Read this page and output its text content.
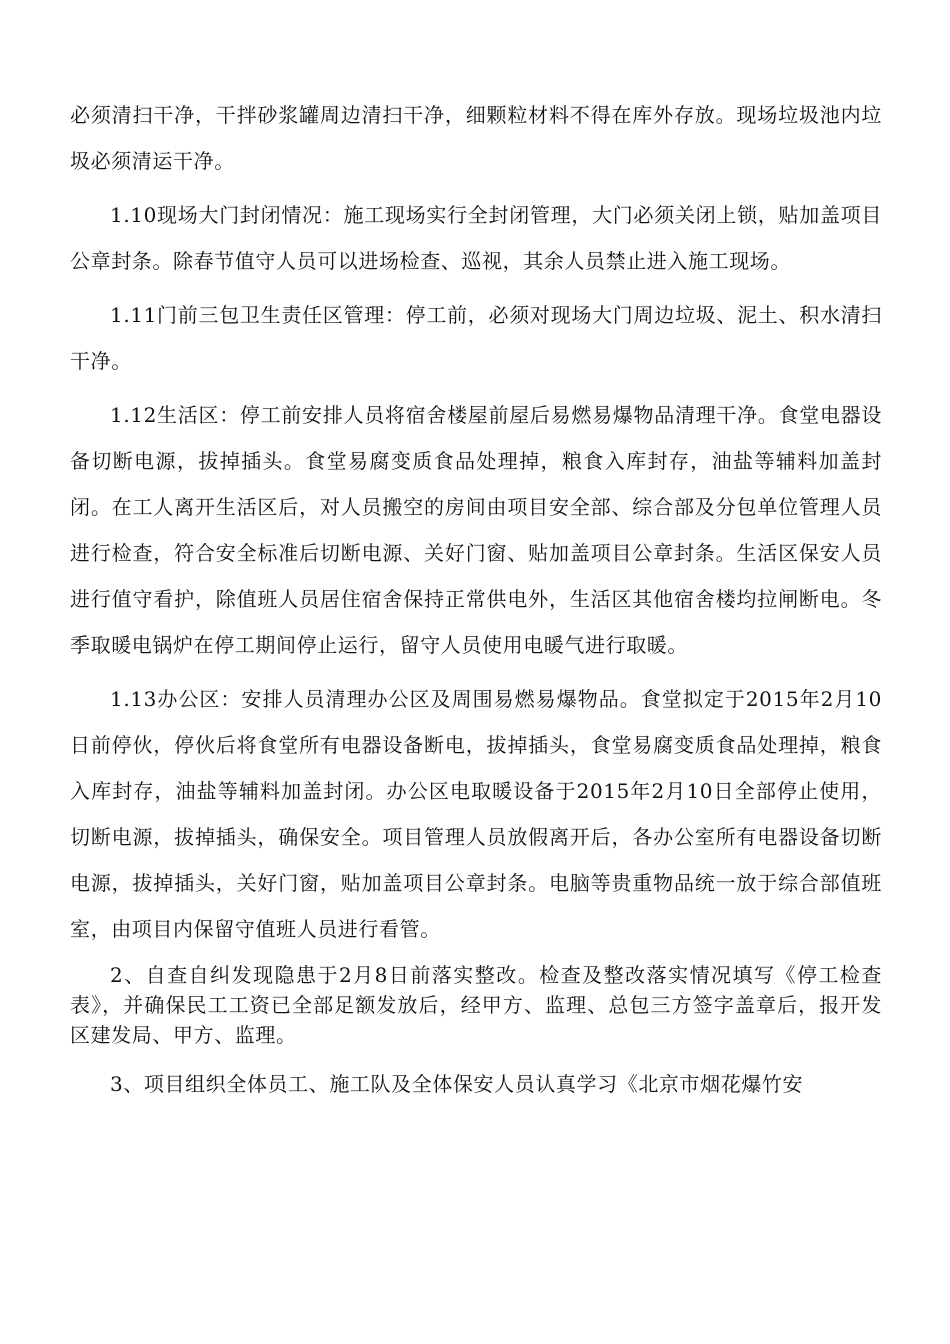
必须清扫干净，干拌砂浆罐周边清扫干净，细颗粒材料不得在库外存放。现场垃圾池内垃圾必须清运干净。

1.10现场大门封闭情况：施工现场实行全封闭管理，大门必须关闭上锁，贴加盖项目公章封条。除春节值守人员可以进场检查、巡视，其余人员禁止进入施工现场。

1.11门前三包卫生责任区管理：停工前，必须对现场大门周边垃圾、泥土、积水清扫干净。

1.12生活区：停工前安排人员将宿舍楼屋前屋后易燃易爆物品清理干净。食堂电器设备切断电源，拔掉插头。食堂易腐变质食品处理掉，粮食入库封存，油盐等辅料加盖封闭。在工人离开生活区后，对人员搬空的房间由项目安全部、综合部及分包单位管理人员进行检查，符合安全标准后切断电源、关好门窗、贴加盖项目公章封条。生活区保安人员进行值守看护，除值班人员居住宿舍保持正常供电外，生活区其他宿舍楼均拉闸断电。冬季取暖电锅炉在停工期间停止运行，留守人员使用电暖气进行取暖。

1.13办公区：安排人员清理办公区及周围易燃易爆物品。食堂拟定于2015年2月10日前停伙，停伙后将食堂所有电器设备断电，拔掉插头，食堂易腐变质食品处理掉，粮食入库封存，油盐等辅料加盖封闭。办公区电取暖设备于2015年2月10日全部停止使用，切断电源，拔掉插头，确保安全。项目管理人员放假离开后，各办公室所有电器设备切断电源，拔掉插头，关好门窗，贴加盖项目公章封条。电脑等贵重物品统一放于综合部值班室，由项目内保留守值班人员进行看管。

2、自查自纠发现隐患于2月8日前落实整改。检查及整改落实情况填写《停工检查表》，并确保民工工资已全部足额发放后，经甲方、监理、总包三方签字盖章后，报开发区建发局、甲方、监理。

3、项目组织全体员工、施工队及全体保安人员认真学习《北京市烟花爆竹安
